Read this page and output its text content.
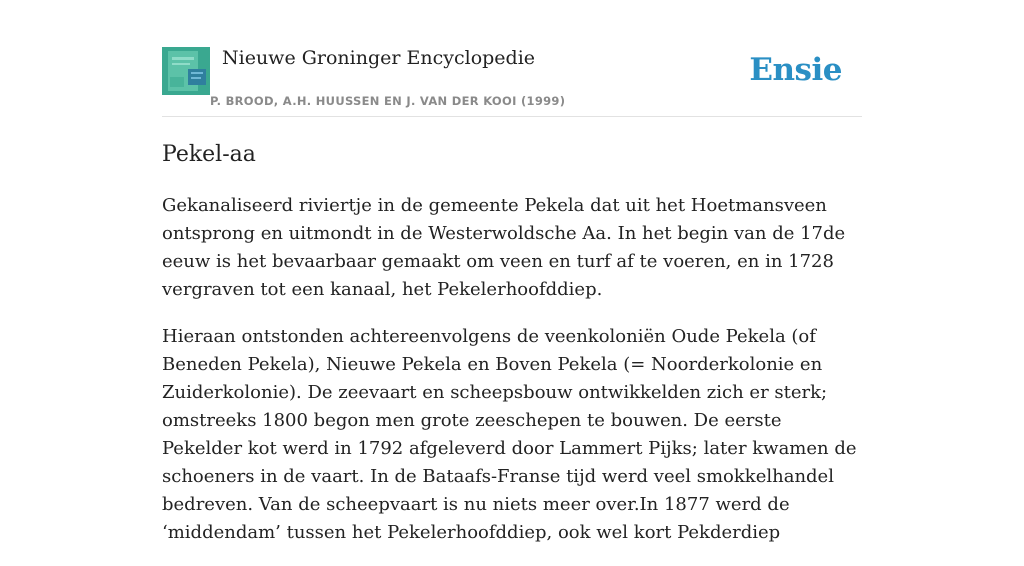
Nieuwe Groninger Encyclopedie
P. BROOD, A.H. HUUSSEN EN J. VAN DER KOOI (1999)
Ensie
Pekel-aa

Gekanaliseerd riviertje in de gemeente Pekela dat uit het Hoetmansveen ontsprong en uitmondt in de Westerwoldsche Aa. In het begin van de 17de eeuw is het bevaarbaar gemaakt om veen en turf af te voeren, en in 1728 vergraven tot een kanaal, het Pekelerhoofddiep.

Hieraan ontstonden achtereenvolgens de veenkoloniën Oude Pekela (of Beneden Pekela), Nieuwe Pekela en Boven Pekela (= Noorderkolonie en Zuiderkolonie). De zeevaart en scheepsbouw ontwikkelden zich er sterk; omstreeks 1800 begon men grote zeeschepen te bouwen. De eerste Pekelder kot werd in 1792 afgeleverd door Lammert Pijks; later kwamen de schoeners in de vaart. In de Bataafs-Franse tijd werd veel smokkelhandel bedreven. Van de scheepvaart is nu niets meer over.In 1877 werd de ‘middendam’ tussen het Pekelerhoofddiep, ook wel kort Pekderdiep
